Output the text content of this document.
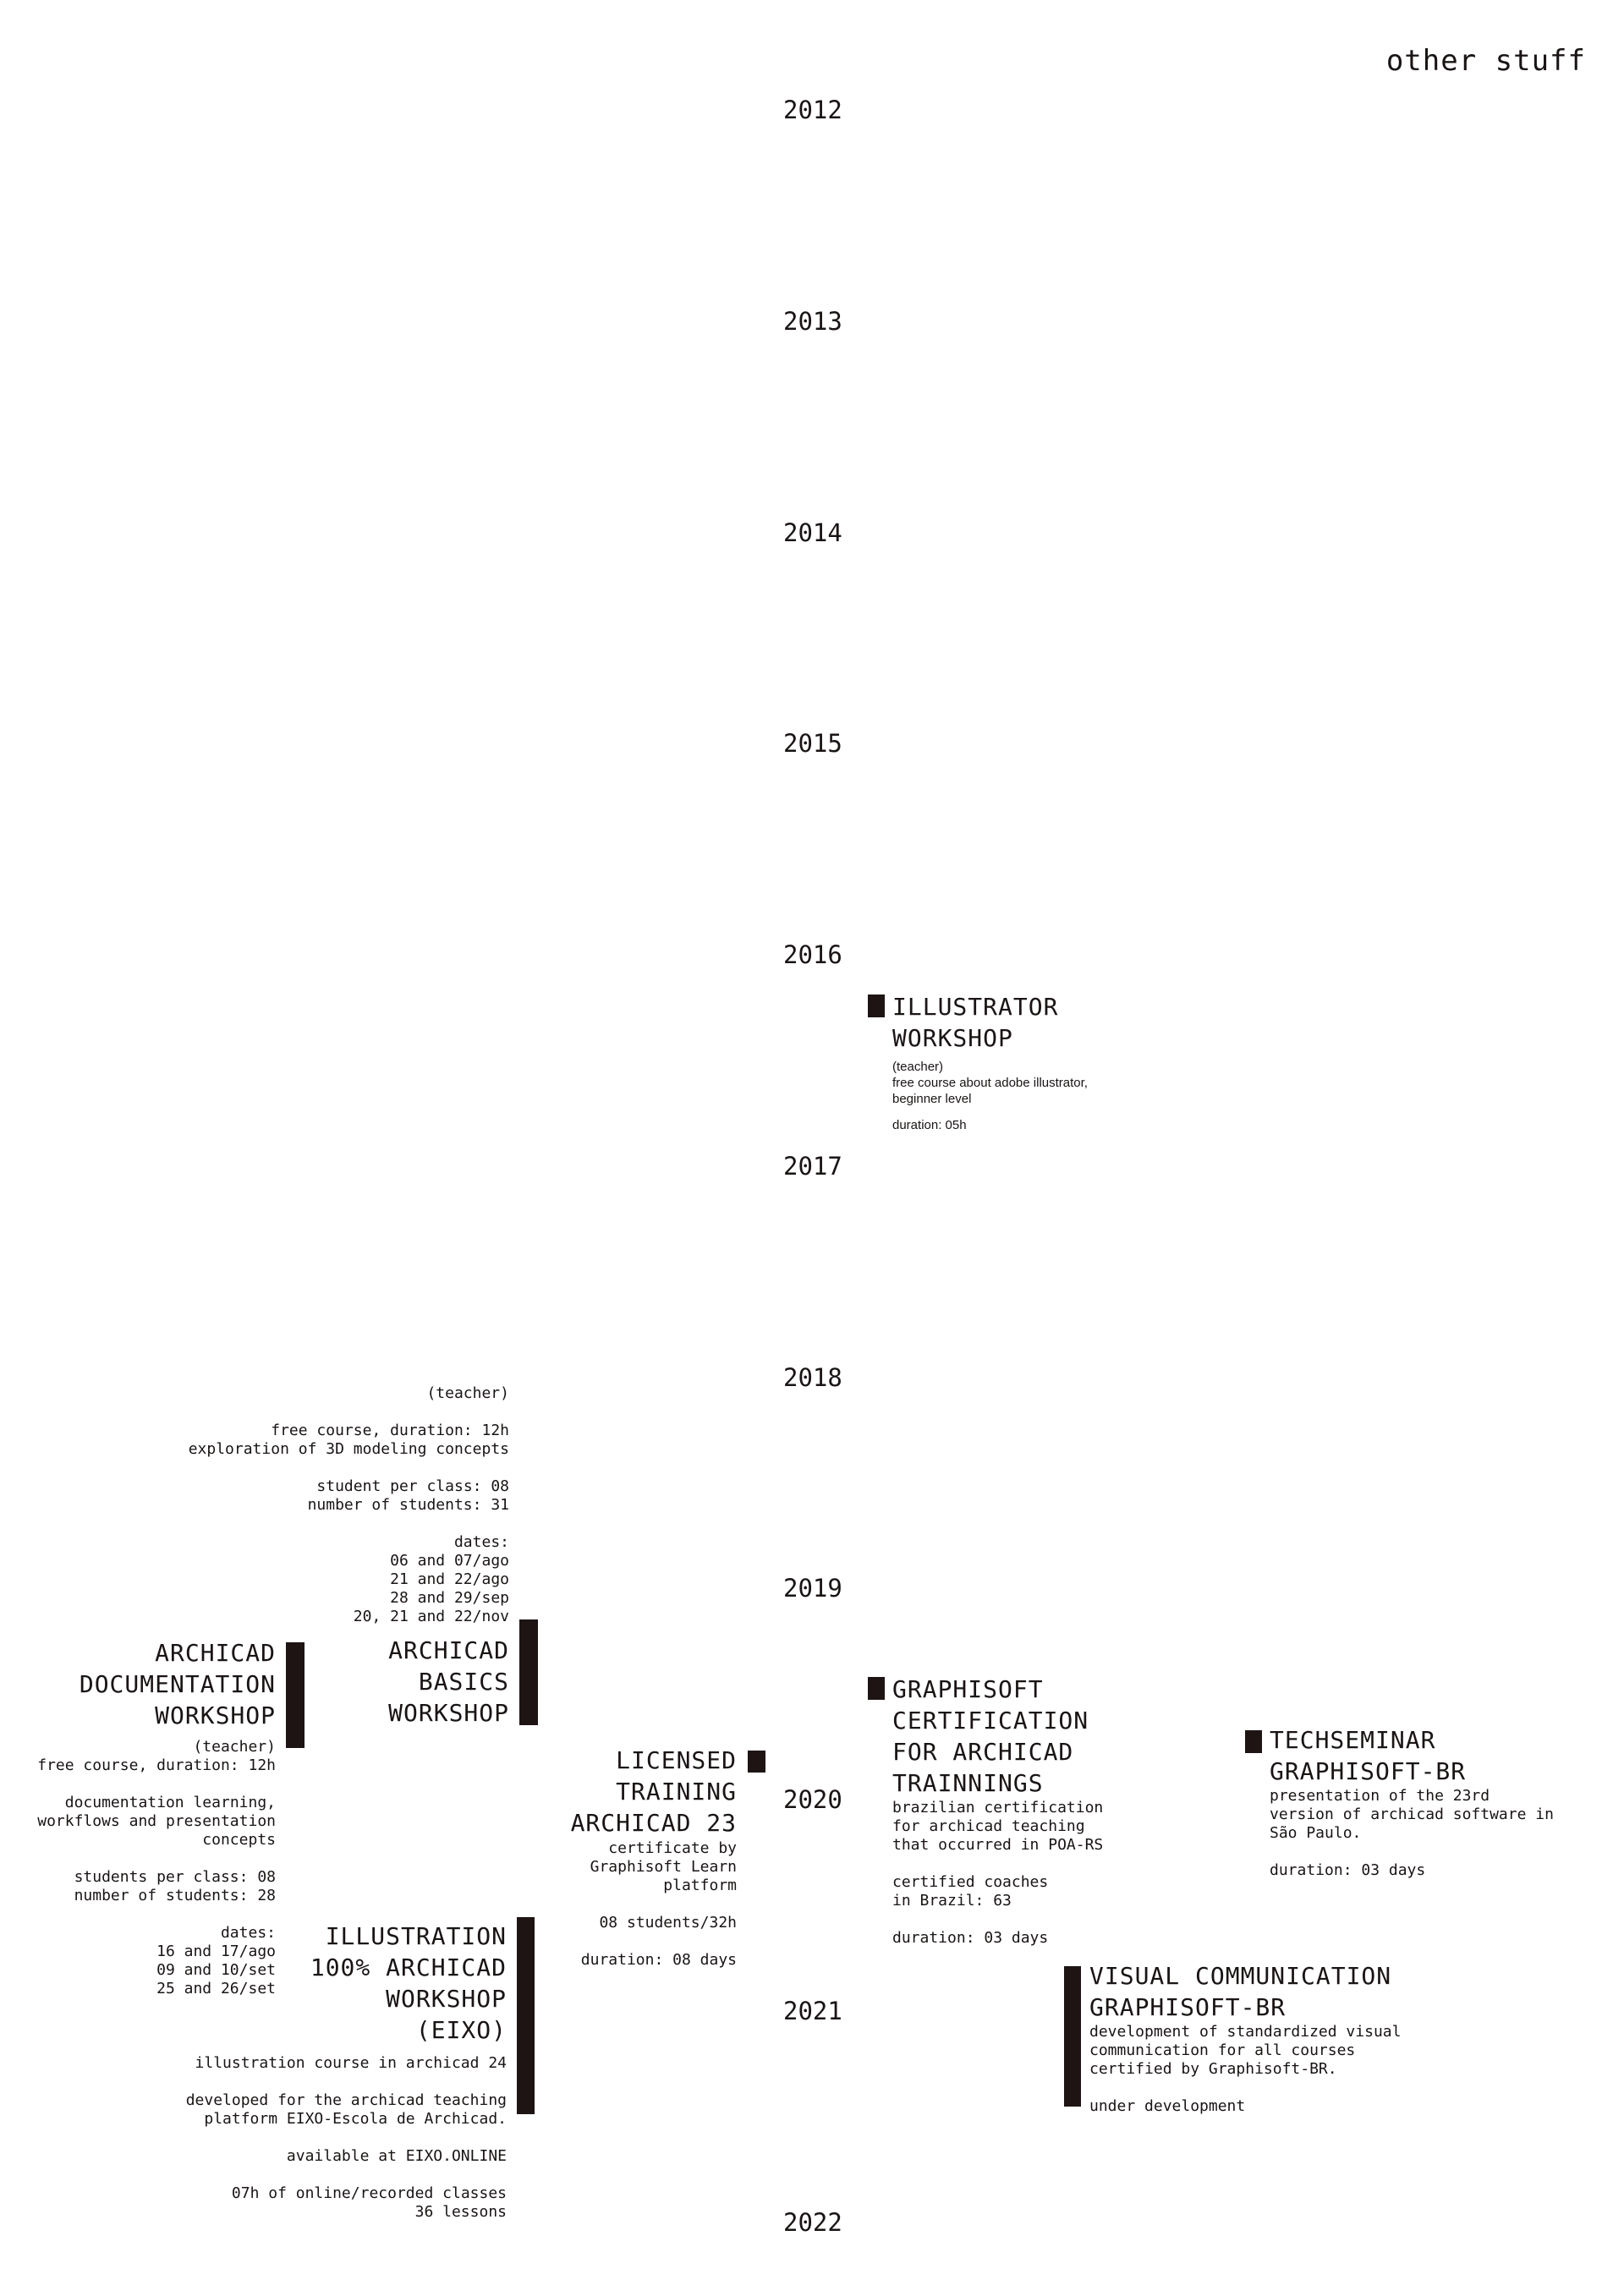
other stuff
2012
2013
2014
2015
2016
2017
2018
2019
2020
2021
2022
ILLUSTRATOR
WORKSHOP
(teacher)
free course about adobe illustrator,
beginner level
duration: 05h
(teacher)
free course, duration: 12h
exploration of 3D modeling concepts
student per class: 08
number of students: 31
dates:
06 and 07/ago
21 and 22/ago
28 and 29/sep
20, 21 and 22/nov
ARCHICAD
BASICS
WORKSHOP
ARCHICAD
DOCUMENTATION
WORKSHOP
(teacher)
free course, duration: 12h
documentation learning,
workflows and presentation
concepts
students per class: 08
number of students: 28
dates:
16 and 17/ago
09 and 10/set
25 and 26/set
LICENSED
TRAINING
ARCHICAD 23
certificate by
Graphisoft Learn
platform
08 students/32h
duration: 08 days
ILLUSTRATION
100% ARCHICAD
WORKSHOP
(EIXO)
illustration course in archicad 24
developed for the archicad teaching
platform EIXO-Escola de Archicad.
available at EIXO.ONLINE
07h of online/recorded classes
36 lessons
GRAPHISOFT
CERTIFICATION
FOR ARCHICAD
TRAINNINGS
brazilian certification
for archicad teaching
that occurred in POA-RS
certified coaches
in Brazil: 63
duration: 03 days
TECHSEMINAR
GRAPHISOFT-BR
presentation of the 23rd
version of archicad software in
São Paulo.
duration: 03 days
VISUAL COMMUNICATION
GRAPHISOFT-BR
development of standardized visual
communication for all courses
certified by Graphisoft-BR.
under development
